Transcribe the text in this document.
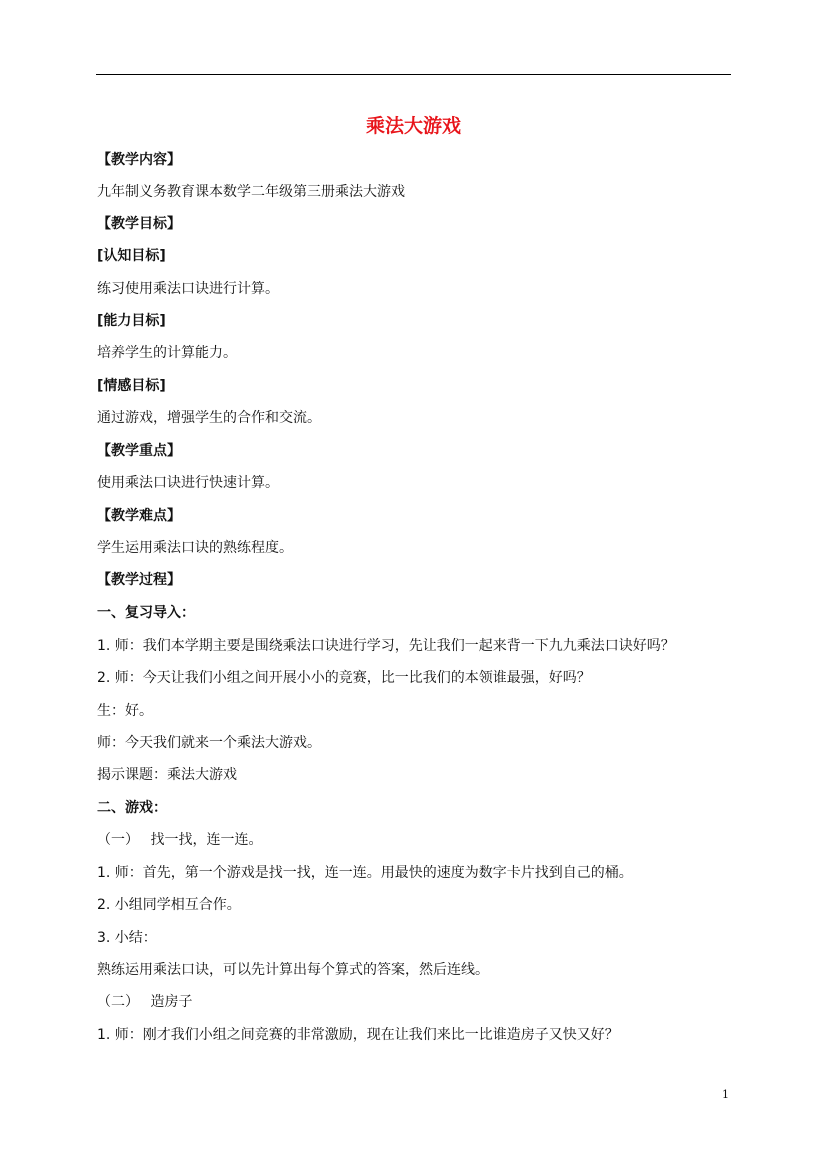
乘法大游戏
【教学内容】
九年制义务教育课本数学二年级第三册乘法大游戏
【教学目标】
[认知目标]
练习使用乘法口诀进行计算。
[能力目标]
培养学生的计算能力。
[情感目标]
通过游戏，增强学生的合作和交流。
【教学重点】
使用乘法口诀进行快速计算。
【教学难点】
学生运用乘法口诀的熟练程度。
【教学过程】
一、复习导入：
1. 师：我们本学期主要是围绕乘法口诀进行学习，先让我们一起来背一下九九乘法口诀好吗？
2. 师：今天让我们小组之间开展小小的竞赛，比一比我们的本领谁最强，好吗？
生：好。
师：今天我们就来一个乘法大游戏。
揭示课题：乘法大游戏
二、游戏：
（一）　 找一找，连一连。
1. 师：首先，第一个游戏是找一找，连一连。用最快的速度为数字卡片找到自己的桶。
2. 小组同学相互合作。
3. 小结：
熟练运用乘法口诀，可以先计算出每个算式的答案，然后连线。
（二）　 造房子
1. 师：刚才我们小组之间竞赛的非常激励，现在让我们来比一比谁造房子又快又好？
1
